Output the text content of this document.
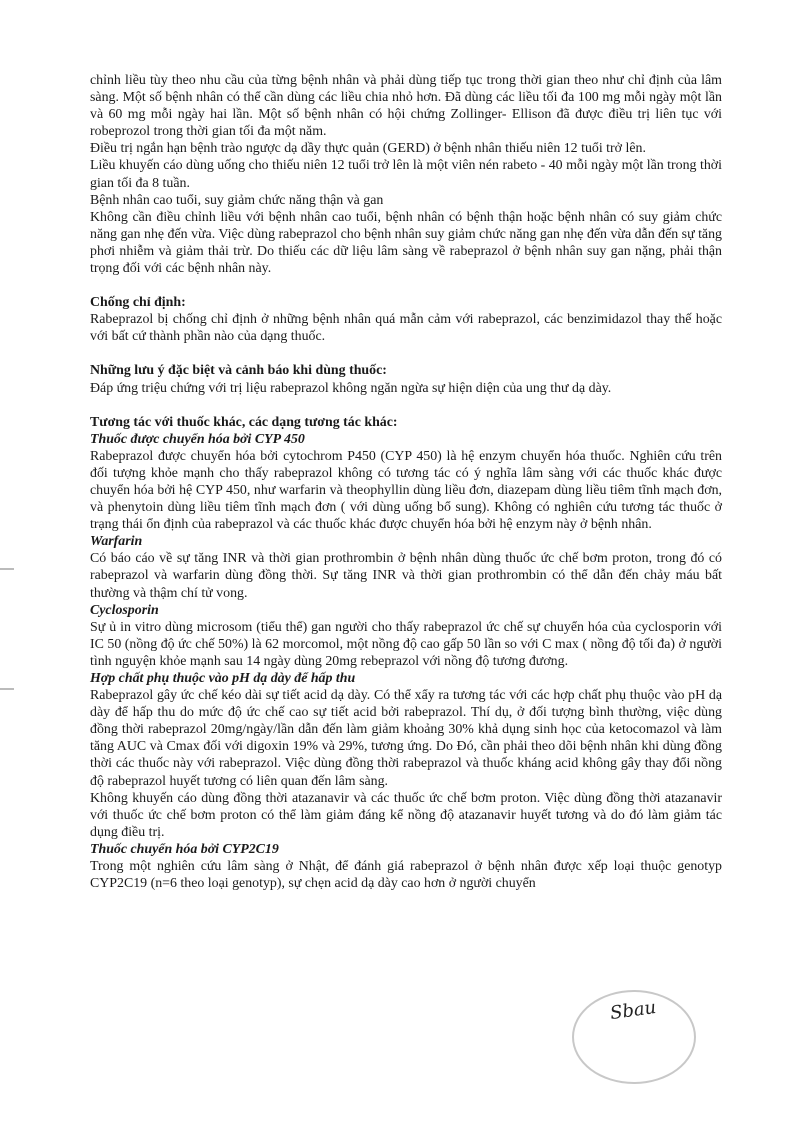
chỉnh liều tùy theo nhu cầu của từng bệnh nhân và phải dùng tiếp tục trong thời gian theo như chỉ định của lâm sàng. Một số bệnh nhân có thể cần dùng các liều chia nhỏ hơn. Đã dùng các liều tối đa 100 mg mỗi ngày một lần và 60 mg mỗi ngày hai lần. Một số bệnh nhân có hội chứng Zollinger- Ellison đã được điều trị liên tục với robeprozol trong thời gian tối đa một năm.

Điều trị ngắn hạn bệnh trào ngược dạ dầy thực quản (GERD) ở bệnh nhân thiếu niên 12 tuổi trở lên.

Liều khuyến cáo dùng uống cho thiếu niên 12 tuổi trở lên là một viên nén rabeto - 40 mỗi ngày một lần trong thời gian tối đa 8 tuần.

Bệnh nhân cao tuổi, suy giảm chức năng thận và gan

Không cần điều chỉnh liều với bệnh nhân cao tuổi, bệnh nhân có bệnh thận hoặc bệnh nhân có suy giảm chức năng gan nhẹ đến vừa. Việc dùng rabeprazol cho bệnh nhân suy giảm chức năng gan nhẹ đến vừa dẫn đến sự tăng phơi nhiễm và giảm thải trừ. Do thiếu các dữ liệu lâm sàng về rabeprazol ở bệnh nhân suy gan nặng, phải thận trọng đối với các bệnh nhân này.

Chống chỉ định:

Rabeprazol bị chống chỉ định ở những bệnh nhân quá mẫn cảm với rabeprazol, các benzimidazol thay thế hoặc với bất cứ thành phần nào của dạng thuốc.

Những lưu ý đặc biệt và cảnh báo khi dùng thuốc:

Đáp ứng triệu chứng với trị liệu rabeprazol không ngăn ngừa sự hiện diện của ung thư dạ dày.

Tương tác với thuốc khác, các dạng tương tác khác:

Thuốc được chuyển hóa bởi CYP 450

Rabeprazol được chuyển hóa bởi cytochrom P450 (CYP 450) là hệ enzym chuyển hóa thuốc. Nghiên cứu trên đối tượng khỏe mạnh cho thấy rabeprazol không có tương tác có ý nghĩa lâm sàng với các thuốc khác được chuyển hóa bởi hệ CYP 450, như warfarin và theophyllin dùng liều đơn, diazepam dùng liều tiêm tĩnh mạch đơn, và phenytoin dùng liều tiêm tĩnh mạch đơn ( với dùng uống bổ sung). Không có nghiên cứu tương tác thuốc ở trạng thái ổn định của rabeprazol và các thuốc khác được chuyển hóa bởi hệ enzym này ở bệnh nhân.

Warfarin

Có báo cáo về sự tăng INR và thời gian prothrombin ở bệnh nhân dùng thuốc ức chế bơm proton, trong đó có rabeprazol và warfarin dùng đồng thời. Sự tăng INR và thời gian prothrombin có thể dẫn đến chảy máu bất thường và thậm chí tử vong.

Cyclosporin

Sự ủ in vitro dùng microsom (tiểu thể) gan người cho thấy rabeprazol ức chế sự chuyển hóa của cyclosporin với IC 50 (nồng độ ức chế 50%) là 62 morcomol, một nồng độ cao gấp 50 lần so với C max ( nồng độ tối đa) ở người tình nguyện khỏe mạnh sau 14 ngày dùng 20mg rebeprazol với nồng độ tương đương.

Hợp chất phụ thuộc vào pH dạ dày để hấp thu

Rabeprazol gây ức chế kéo dài sự tiết acid dạ dày. Có thể xẩy ra tương tác với các hợp chất phụ thuộc vào pH dạ dày để hấp thu do mức độ ức chế cao sự tiết acid bởi rabeprazol. Thí dụ, ở đối tượng bình thường, việc dùng đồng thời rabeprazol 20mg/ngày/lần dẫn đến làm giảm khoảng 30% khả dụng sinh học của ketocomazol và làm tăng AUC và Cmax đối với digoxin 19% và 29%, tương ứng. Do Đó, cần phải theo dõi bệnh nhân khi dùng đồng thời các thuốc này với rabeprazol. Việc dùng đồng thời rabeprazol và thuốc kháng acid không gây thay đổi nồng độ rabeprazol huyết tương có liên quan đến lâm sàng.

Không khuyến cáo dùng đồng thời atazanavir và các thuốc ức chế bơm proton. Việc dùng đồng thời atazanavir với thuốc ức chế bơm proton có thể làm giảm đáng kể nồng độ atazanavir huyết tương và do đó làm giảm tác dụng điều trị.

Thuốc chuyển hóa bởi CYP2C19

Trong một nghiên cứu lâm sàng ở Nhật, để đánh giá rabeprazol ở bệnh nhân được xếp loại thuộc genotyp CYP2C19 (n=6 theo loại genotyp), sự chẹn acid dạ dày cao hơn ở người chuyển

Sbau
